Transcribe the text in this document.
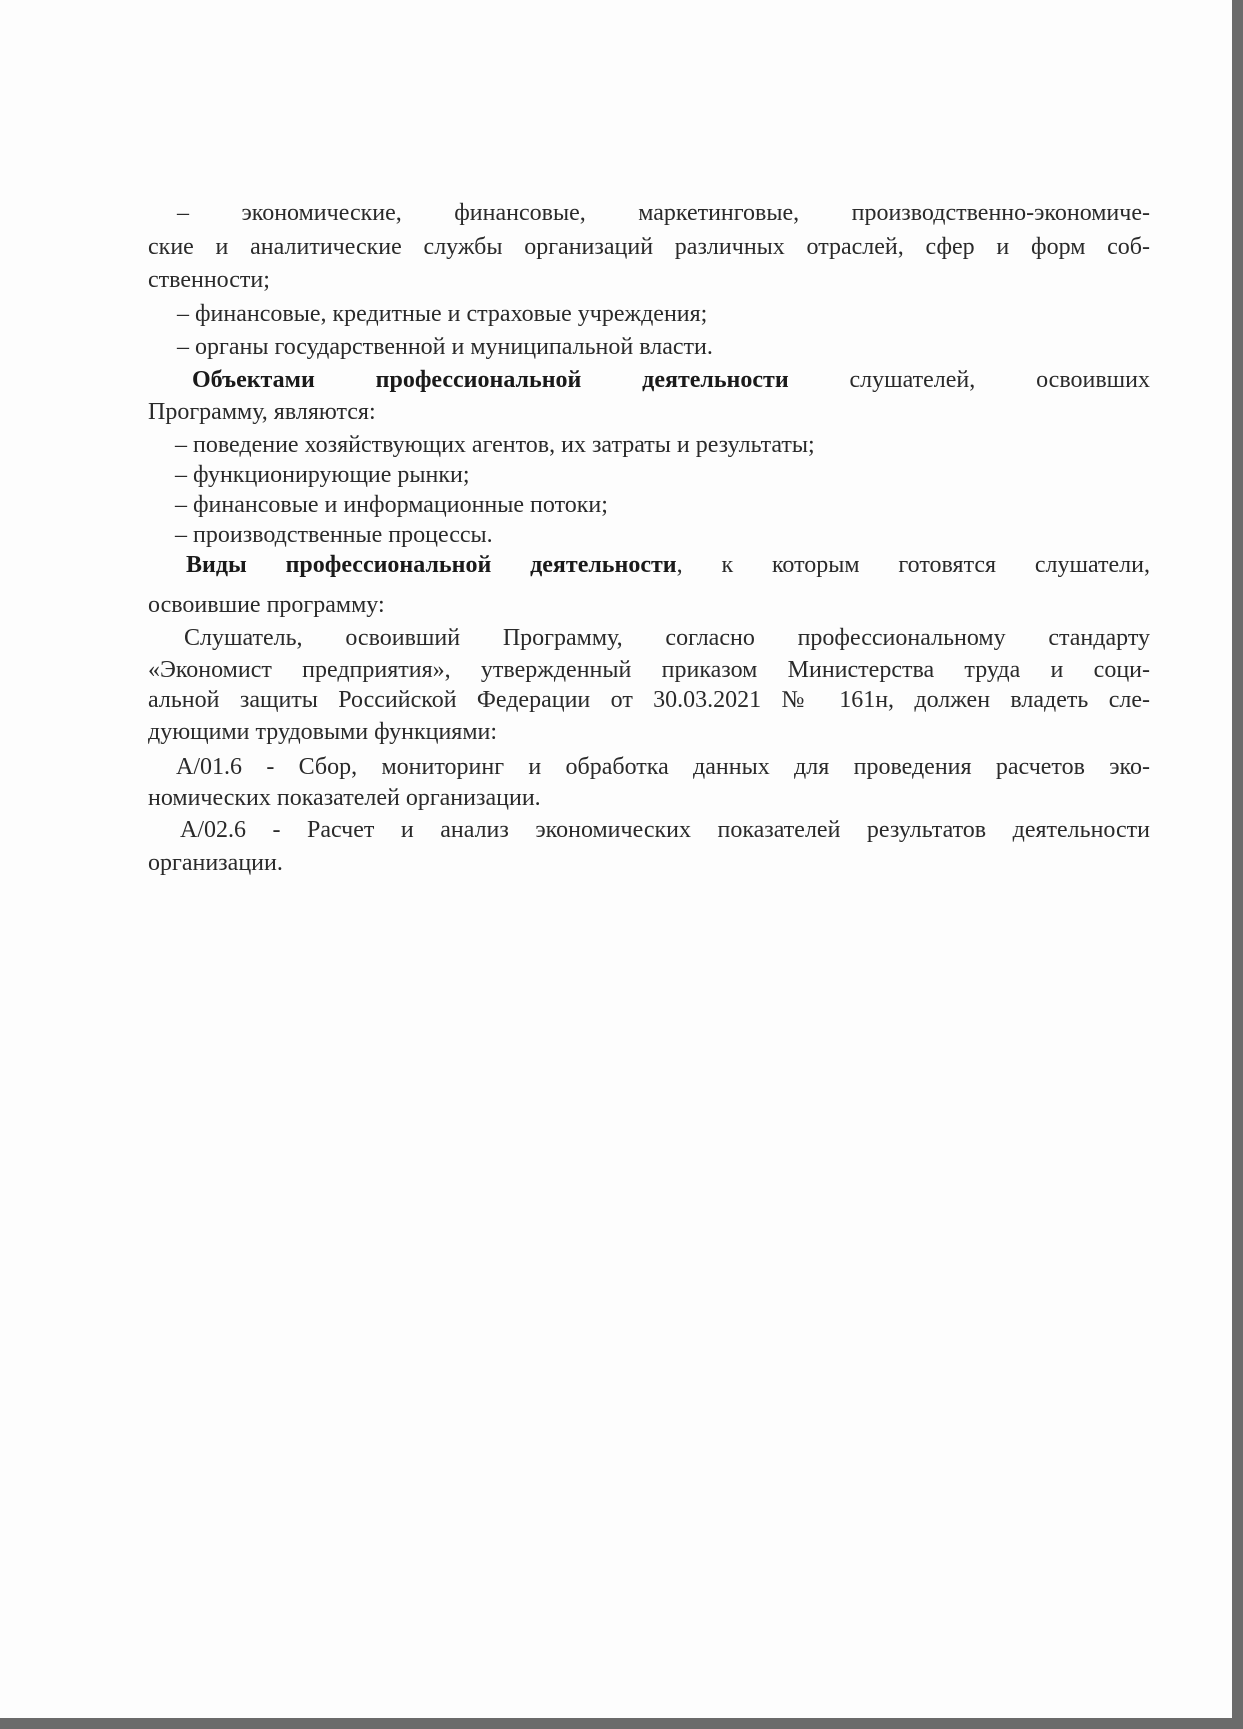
– экономические, финансовые, маркетинговые, производственно-экономиче-
ские и аналитические службы организаций различных отраслей, сфер и форм соб-
ственности;
– финансовые, кредитные и страховые учреждения;
– органы государственной и муниципальной власти.
Объектами профессиональной деятельности слушателей, освоивших
Программу, являются:
– поведение хозяйствующих агентов, их затраты и результаты;
– функционирующие рынки;
– финансовые и информационные потоки;
– производственные процессы.
Виды профессиональной деятельности, к которым готовятся слушатели,
освоившие программу:
Слушатель, освоивший Программу, согласно профессиональному стандарту
«Экономист предприятия», утвержденный приказом Министерства труда и соци-
альной защиты Российской Федерации от 30.03.2021 № 161н, должен владеть сле-
дующими трудовыми функциями:
А/01.6 - Сбор, мониторинг и обработка данных для проведения расчетов эко-
номических показателей организации.
А/02.6 - Расчет и анализ экономических показателей результатов деятельности
организации.
